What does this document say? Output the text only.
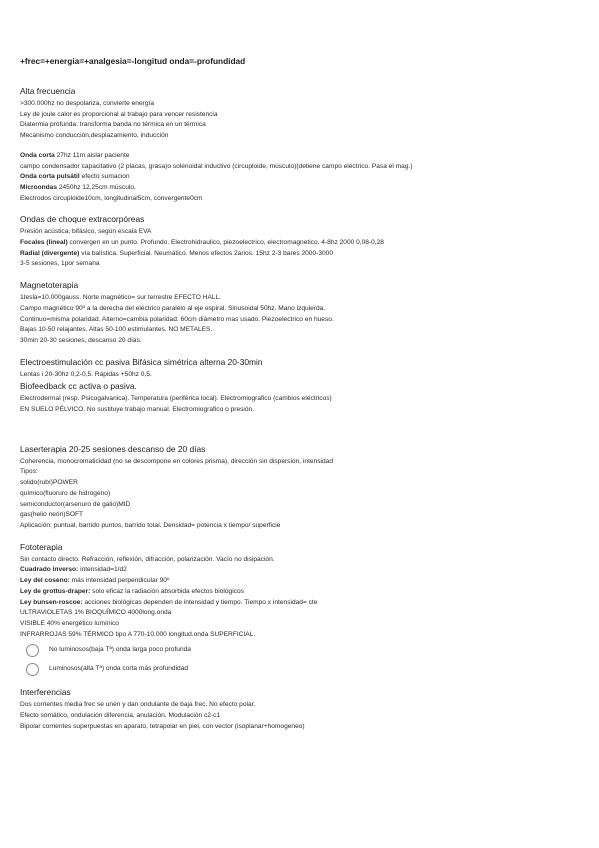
+frec=+energia=+analgesia=-longitud onda=-profundidad
Alta frecuencia
>300.000hz no despolariza, convierte energía
Ley de joule calor es proporcional al trabajo para vencer resistencia
Diatermia profunda: transforma banda no térmica en un térmica
Mecanismo conducción,desplazamiento, inducción
Onda corta 27hz 11m aislar paciente
campo condensador capacitativo (2 placas, grasa)o solenoidal inductivo (circuploide, músculo)(detiene campo eléctrico. Pasa el mag.)
Onda corta pulsátil efecto sumacion
Microondas 2450hz 12,25cm músculo.
Electrodos circuploide10cm, longitudinal5cm, convergente0cm
Ondas de choque extracorpóreas
Presión acústica, bifásico, según escala EVA
Focales (lineal) convergen en un punto. Profundo. Electrohidraulico, piezoelectrico, electromagnetico. 4-8hz 2000 0,08-0,28
Radial (divergente) vía balística. Superficial. Neumático. Menos efectos 2arios. 15hz 2-3 bares 2000-3000
3-5 sesiones, 1por semana
Magnetoterapia
1tesla=10.000gauss. Norte magnético= sur terrestre EFECTO HALL.
Campo magnético 90º a la derecha del eléctrico paralelo al eje espiral. Sinusoidal 50hz. Mano izquierda.
Continuo=misma polaridad. Alterno=cambia polaridad. 60cm diámetro mas usado. Piezoelectrico en hueso.
Bajas 10-50 relajantes. Altas 50-100 estimulantes. NO METALES.
30min 20-30 sesiones, descanso 20 días.
Electroestimulación cc pasiva Bifásica simétrica alterna 20-30min
Lentas i 20-30hz 0,2-0,5. Rápidas +50hz 0,5.
Biofeedback cc activa o pasiva.
Electrodermal (resp. Psicogalvanica). Temperatura (periférica local). Electromiografico (cambios eléctricos)
EN SUELO PÉLVICO. No sustituye trabajo manual. Electromiografico o presión.
Laserterapia 20-25 sesiones descanso de 20 días
Coherencia, monocromaticidad (no se descompone en colores prisma), dirección sin dispersión, intensidad
Tipos:
solido(rubí)POWER
químico(fluoruro de hidrogeno)
semiconductor(arsenuro de galio)MID
gas(helio neón)SOFT
Aplicación: puntual, barrido puntos, barrido total. Densidad= potencia x tiempo/ superficie
Fototerapia
Sin contacto directo. Refracción, reflexión, difracción, polarización. Vacío no disipación.
Cuadrado inverso: intensidad=1/d2
Ley del coseno: más intensidad perpendicular 90º
Ley de grottus-draper: solo eficaz la radiación absorbida efectos biológicos
Ley bunsen-roscoe: acciones biológicas dependen de intensidad y tiempo. Tiempo x intensidad= cte
ULTRAVIOLETAS 1% BIOQUÍMICO 4000long.onda
VISIBLE 40% energético lumínico
INFRARROJAS 59% TÉRMICO tipo A 770-10.000 longitud.onda SUPERFICIAL.
No luminosos(baja Tª) onda larga poco profunda
Luminosos(alta Tª) onda corta más profundidad
Interferencias
Dos corrientes media frec se unen y dan ondulante de baja frec. No efecto polar.
Efecto somático, ondulación diferencia, anulación. Modulación c2-c1
Bipolar corrientes superpuestas en aparato, tetrapolar en piel, con vector (isoplanar+homogeneo)
